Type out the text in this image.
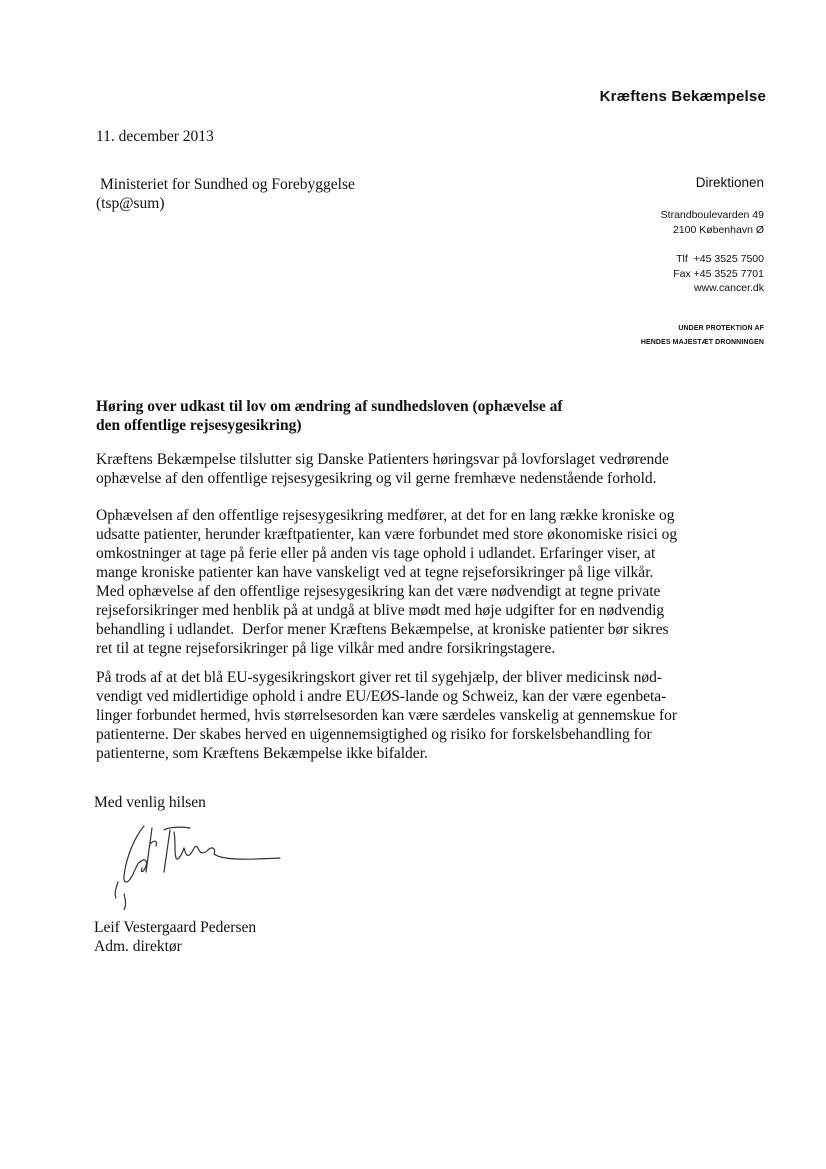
Kræftens Bekæmpelse
11. december 2013
Ministeriet for Sundhed og Forebyggelse
(tsp@sum)
Direktionen
Strandboulevarden 49
2100 København Ø
Tlf  +45 3525 7500
Fax +45 3525 7701
www.cancer.dk
UNDER PROTEKTION AF
HENDES MAJESTÆT DRONNINGEN
Høring over udkast til lov om ændring af sundhedsloven (ophævelse af
den offentlige rejsesygesikring)
Kræftens Bekæmpelse tilslutter sig Danske Patienters høringsvar på lovforslaget vedrørende
ophævelse af den offentlige rejsesygesikring og vil gerne fremhæve nedenstående forhold.
Ophævelsen af den offentlige rejsesygesikring medfører, at det for en lang række kroniske og
udsatte patienter, herunder kræftpatienter, kan være forbundet med store økonomiske risici og
omkostninger at tage på ferie eller på anden vis tage ophold i udlandet. Erfaringer viser, at
mange kroniske patienter kan have vanskeligt ved at tegne rejseforsikringer på lige vilkår.
Med ophævelse af den offentlige rejsesygesikring kan det være nødvendigt at tegne private
rejseforsikringer med henblik på at undgå at blive mødt med høje udgifter for en nødvendig
behandling i udlandet.  Derfor mener Kræftens Bekæmpelse, at kroniske patienter bør sikres
ret til at tegne rejseforsikringer på lige vilkår med andre forsikringstagere.
På trods af at det blå EU-sygesikringskort giver ret til sygehjælp, der bliver medicinsk nød-
vendigt ved midlertidige ophold i andre EU/EØS-lande og Schweiz, kan der være egenbeta-
linger forbundet hermed, hvis størrelsesorden kan være særdeles vanskelig at gennemskue for
patienterne. Der skabes herved en uigennemsigtighed og risiko for forskelsbehandling for
patienterne, som Kræftens Bekæmpelse ikke bifalder.
Med venlig hilsen
Leif Vestergaard Pedersen
Adm. direktør
